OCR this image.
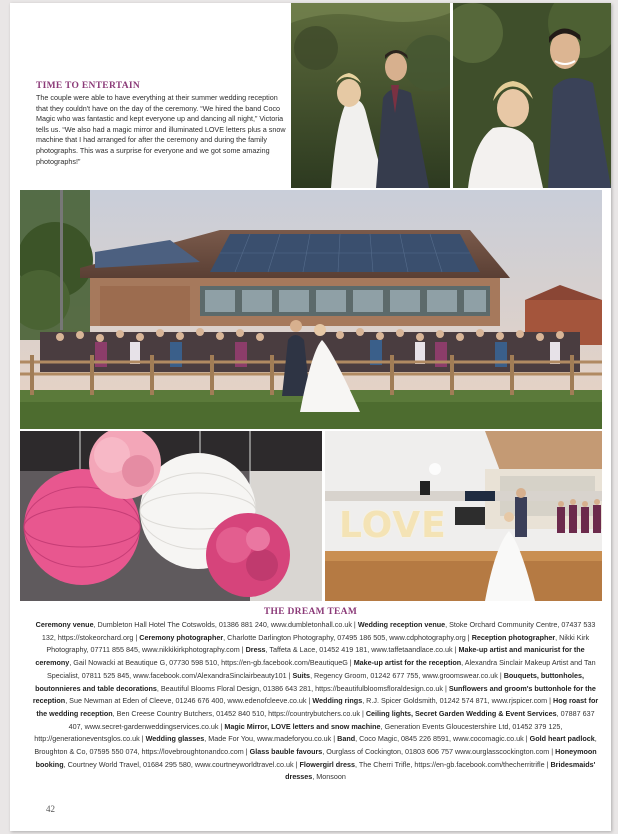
TIME TO ENTERTAIN
The couple were able to have everything at their summer wedding reception that they couldn't have on the day of the ceremony. “We hired the band Coco Magic who was fantastic and kept everyone up and dancing all night,” Victoria tells us. “We also had a magic mirror and illuminated LOVE letters plus a snow machine that I had arranged for after the ceremony and during the family photographs. This was a surprise for everyone and we got some amazing photographs!”
LOVE
THE DREAM TEAM
Ceremony venue, Dumbleton Hall Hotel The Cotswolds, 01386 881 240, www.dumbletonhall.co.uk | Wedding reception venue, Stoke Orchard Community Centre, 07437 533 132, https://stokeorchard.org | Ceremony photographer, Charlotte Darlington Photography, 07495 186 505, www.cdphotography.org | Reception photographer, Nikki Kirk Photography, 07711 855 845, www.nikkikirkphotography.com | Dress, Taffeta & Lace, 01452 419 181, www.taffetaandlace.co.uk | Make-up artist and manicurist for the ceremony, Gail Nowacki at Beautique G, 07730 598 510, https://en-gb.facebook.com/BeautiqueG | Make-up artist for the reception, Alexandra Sinclair Makeup Artist and Tan Specialist, 07811 525 845, www.facebook.com/AlexandraSinclairbeauty101 | Suits, Regency Groom, 01242 677 755, www.groomswear.co.uk | Bouquets, buttonholes, boutonnieres and table decorations, Beautiful Blooms Floral Design, 01386 643 281, https://beautifulbloomsfloraldesign.co.uk | Sunflowers and groom's buttonhole for the reception, Sue Newman at Eden of Cleeve, 01246 676 400, www.edenofcleeve.co.uk | Wedding rings, R.J. Spicer Goldsmith, 01242 574 871, www.rjspicer.com | Hog roast for the wedding reception, Ben Creese Country Butchers, 01452 840 510, https://countrybutchers.co.uk | Ceiling lights, Secret Garden Wedding & Event Services, 07887 637 407, www.secret-gardenweddingservices.co.uk | Magic Mirror, LOVE letters and snow machine, Generation Events Gloucestershire Ltd, 01452 379 125, http://generationeventsglos.co.uk | Wedding glasses, Made For You, www.madeforyou.co.uk | Band, Coco Magic, 0845 226 8591, www.cocomagic.co.uk | Gold heart padlock, Broughton & Co, 07595 550 074, https://lovebroughtonandco.com | Glass bauble favours, Ourglass of Cockington, 01803 606 757 www.ourglasscockington.com | Honeymoon booking, Courtney World Travel, 01684 295 580, www.courtneyworldtravel.co.uk | Flowergirl dress, The Cherri Trifle, https://en-gb.facebook.com/thecherritrifle | Bridesmaids' dresses, Monsoon
42
